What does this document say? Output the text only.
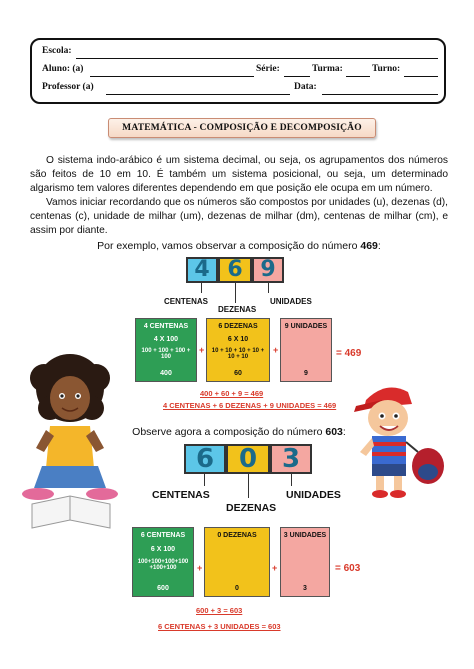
Escola:
Aluno: (a)	Série:	Turma:	Turno:
Professor (a)	Data:
MATEMÁTICA - COMPOSIÇÃO E DECOMPOSIÇÃO
O sistema indo-arábico é um sistema decimal, ou seja, os agrupamentos dos números são feitos de 10 em 10. É também um sistema posicional, ou seja, um determinado algarismo tem valores diferentes dependendo em que posição ele ocupa em um número.
Vamos iniciar recordando que os números são compostos por unidades (u), dezenas (d), centenas (c), unidade de milhar (um), dezenas de milhar (dm), centenas de milhar (cm), e assim por diante.
Por exemplo, vamos observar a composição do número 469:
4 6 9
CENTENAS
DEZENAS
UNIDADES
4 CENTENAS
4 X 100
100 + 100 + 100 + 100
400
+
6 DEZENAS
6 X 10
10 + 10 + 10 + 10 + 10 + 10
60
+
9 UNIDADES
9
= 469
400 + 60 + 9 = 469
4 CENTENAS + 6 DEZENAS + 9 UNIDADES = 469
Observe agora a composição do número 603:
6 0 3
CENTENAS
DEZENAS
UNIDADES
6 CENTENAS
6 X 100
100+100+100+100 +100+100
600
+
0 DEZENAS
0
+
3 UNIDADES
3
= 603
600 + 3 = 603
6 CENTENAS + 3 UNIDADES = 603
